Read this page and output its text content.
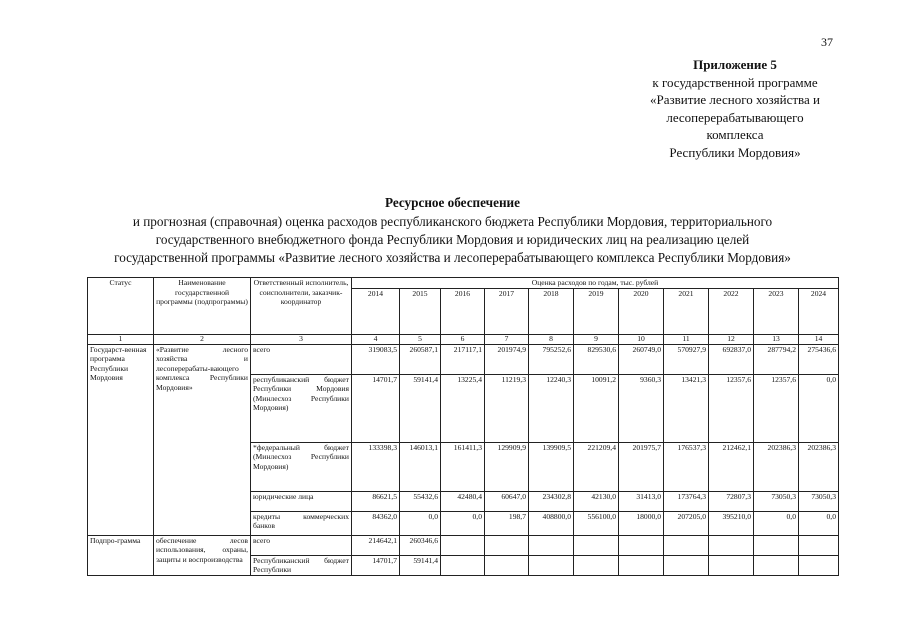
37
Приложение 5
к государственной программе
«Развитие лесного хозяйства и
лесоперерабатывающего
комплекса
Республики Мордовия»
Ресурсное обеспечение
и прогнозная (справочная) оценка расходов республиканского бюджета Республики Мордовия, территориального
государственного внебюджетного фонда Республики Мордовия и юридических лиц на реализацию целей
государственной программы «Развитие лесного хозяйства и лесоперерабатывающего комплекса Республики Мордовия»
Статус	Наименование государственной программы (подпрограммы)	Ответственный исполнитель, соисполнители, заказчик-координатор	Оценка расходов по годам, тыс. рублей										
			2014	2015	2016	2017	2018	2019	2020	2021	2022	2023	2024
1	2	3	4	5	6	7	8	9	10	11	12	13	14
Государст-венная программа Республики Мордовия	«Развитие лесного хозяйства и лесоперерабаты-вающего комплекса Республики Мордовия»	всего	319083,5	260587,1	217117,1	201974,9	795252,6	829530,6	260749,0	570927,9	692837,0	287794,2	275436,6
		республиканский бюджет Республики Мордовия (Минлесхоз Республики Мордовия)	14701,7	59141,4	13225,4	11219,3	12240,3	10091,2	9360,3	13421,3	12357,6	12357,6	0,0
		*федеральный бюджет (Минлесхоз Республики Мордовия)	133398,3	146013,1	161411,3	129909,9	139909,5	221209,4	201975,7	176537,3	212462,1	202386,3	202386,3
		юридические лица	86621,5	55432,6	42480,4	60647,0	234302,8	42130,0	31413,0	173764,3	72807,3	73050,3	73050,3
		кредиты коммерческих банков	84362,0	0,0	0,0	198,7	408800,0	556100,0	18000,0	207205,0	395210,0	0,0	0,0
Подпро-грамма	обеспечение лесов использования, охраны, защиты и воспроизводства	всего	214642,1	260346,6									
		Республиканский бюджет Республики	14701,7	59141,4									
